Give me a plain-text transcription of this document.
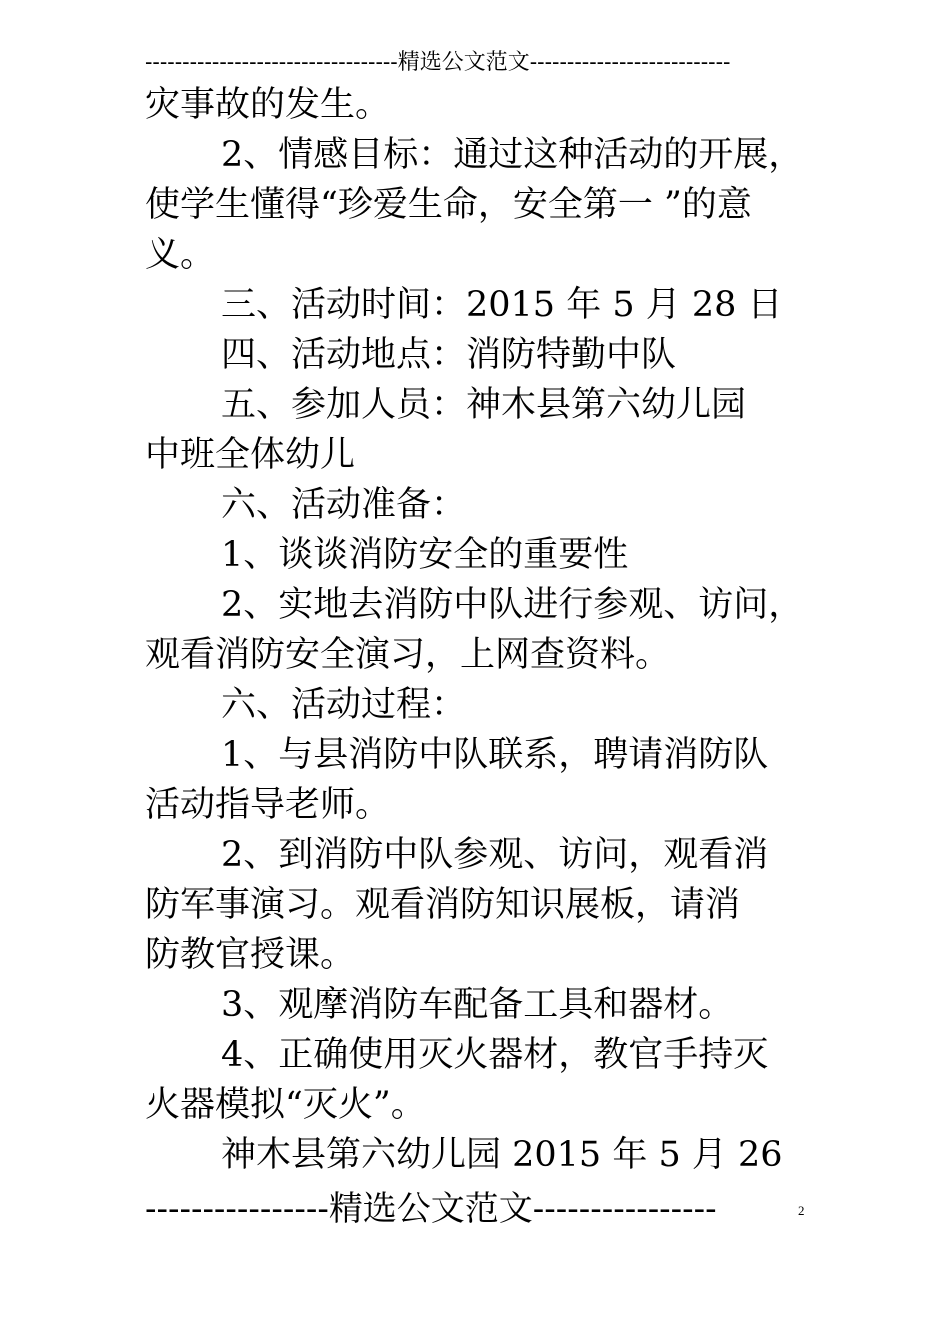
----------------------------------精选公文范文---------------------------

灾事故的发生。

2、情感目标：通过这种活动的开展，

使学生懂得“珍爱生命，安全第一 ”的意

义。

三、活动时间：2015 年 5 月 28 日

四、活动地点：消防特勤中队

五、参加人员：神木县第六幼儿园

中班全体幼儿

六、活动准备：

1、谈谈消防安全的重要性

2、实地去消防中队进行参观、访问，

观看消防安全演习，上网查资料。

六、活动过程：

1、与县消防中队联系，聘请消防队

活动指导老师。

2、到消防中队参观、访问，观看消

防军事演习。观看消防知识展板，请消

防教官授课。

3、观摩消防车配备工具和器材。

4、正确使用灭火器材，教官手持灭

火器模拟“灭火”。

神木县第六幼儿园 2015 年 5 月 26

----------------精选公文范文----------------	2
